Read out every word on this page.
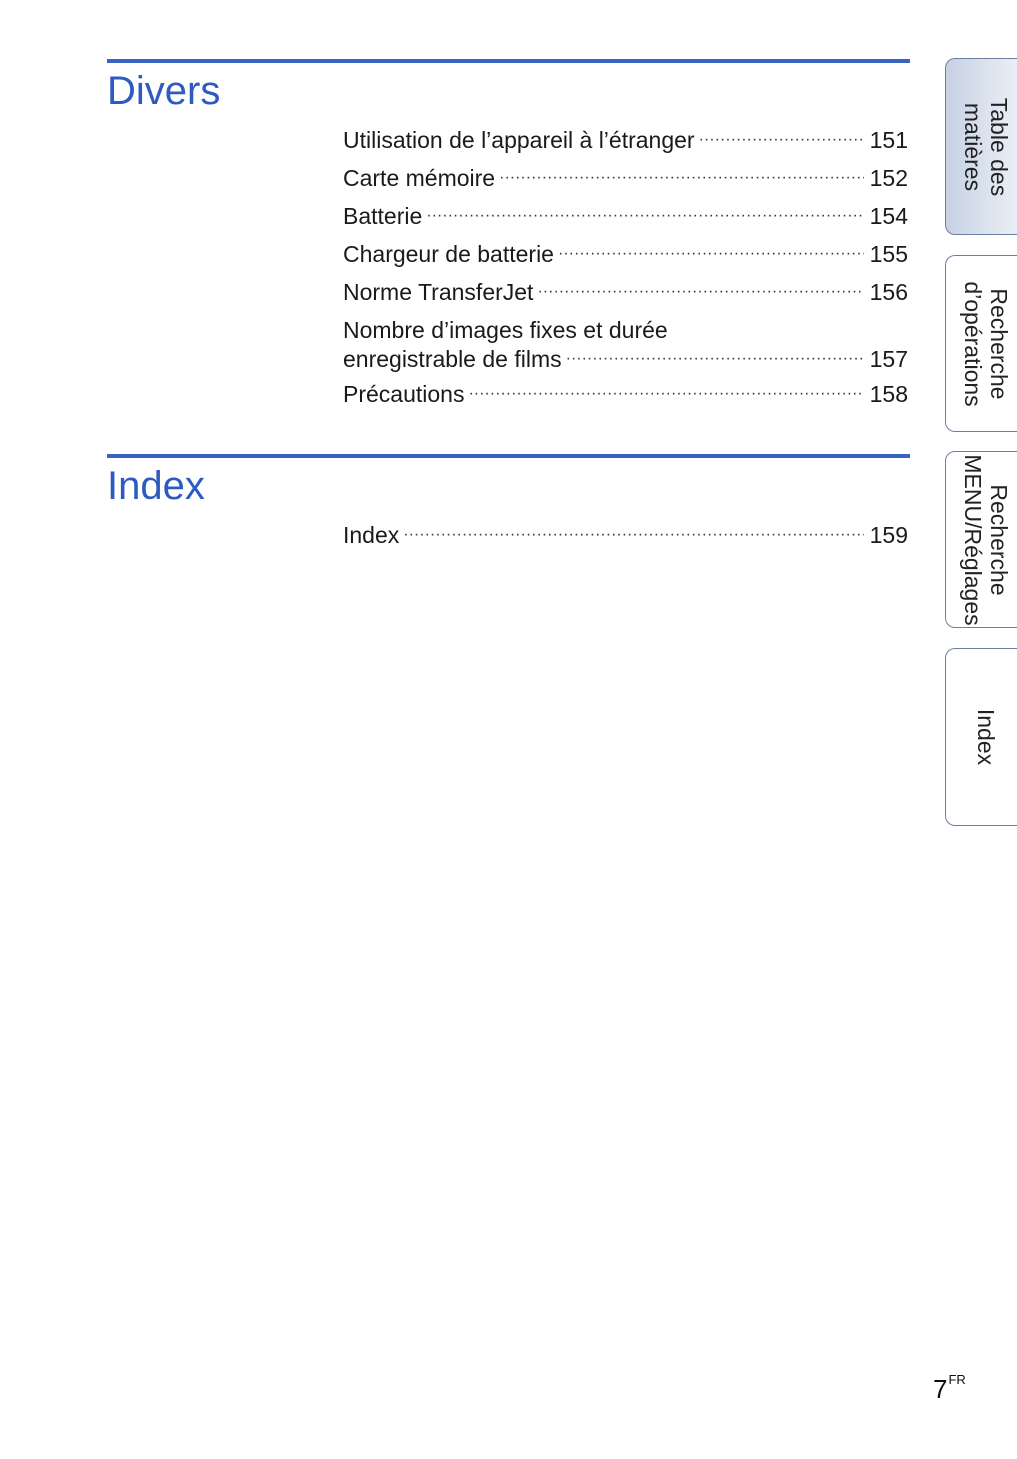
Divers
Utilisation de l’appareil à l’étranger ·····	151
Carte mémoire ·····	152
Batterie ·····	154
Chargeur de batterie ·····	155
Norme TransferJet ·····	156
Nombre d’images fixes et durée
enregistrable de films ·····	157
Précautions ·····	158
Index
Index ·····	159
Table des
matières
Recherche
d’opérations
Recherche
MENU/Réglages
Index
$7^{FR}$
